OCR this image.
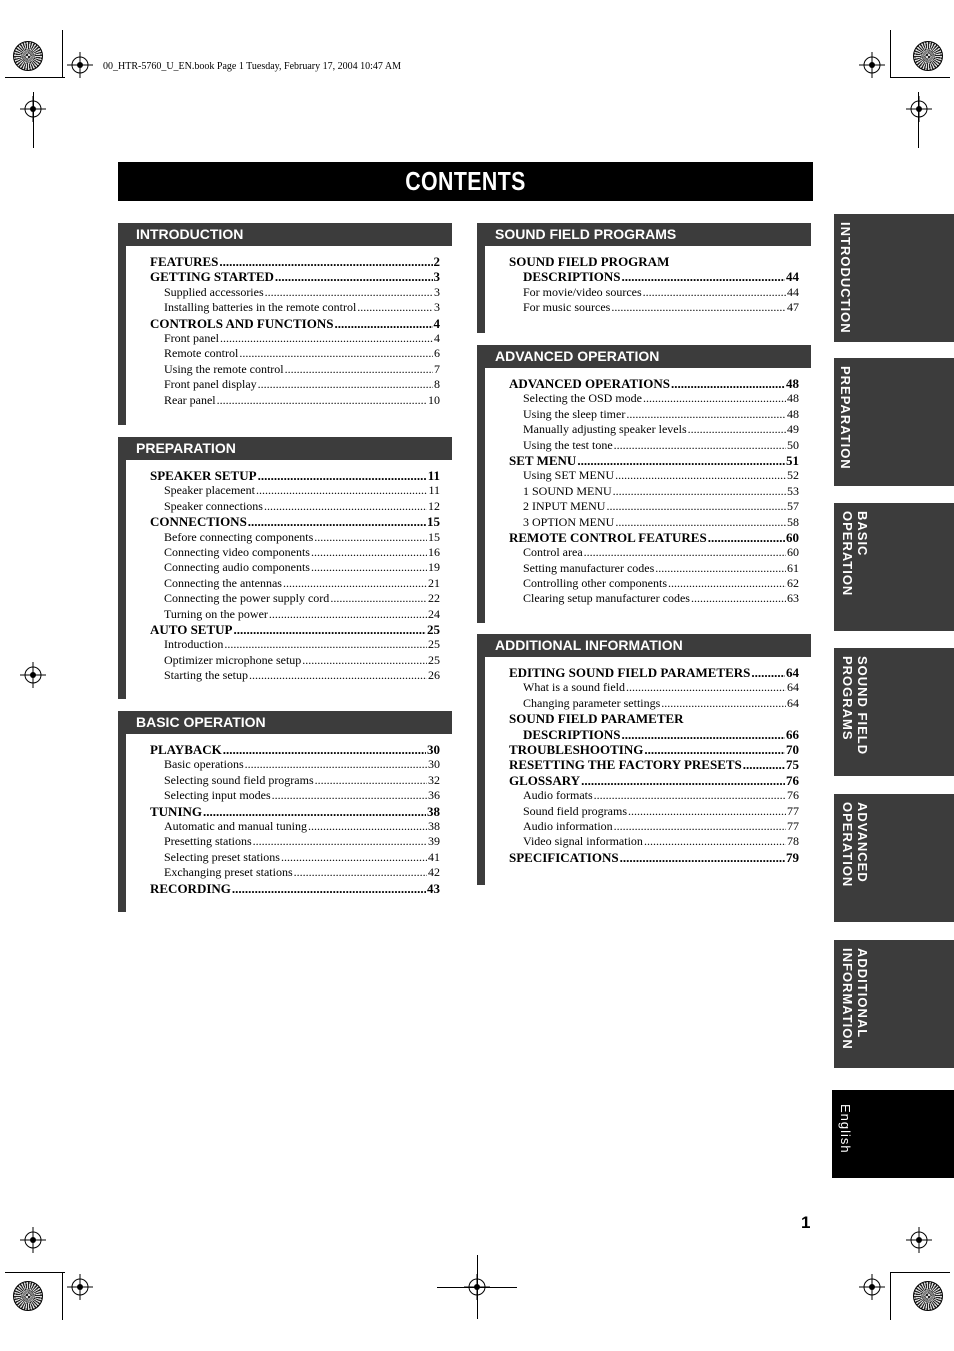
00_HTR-5760_U_EN.book Page 1 Tuesday, February 17, 2004 10:47 AM
CONTENTS
INTRODUCTION
FEATURES .....	2
GETTING STARTED .....	3
Supplied accessories .....	3
Installing batteries in the remote control .....	3
CONTROLS AND FUNCTIONS .....	4
Front panel .....	4
Remote control .....	6
Using the remote control .....	7
Front panel display .....	8
Rear panel .....	10
PREPARATION
SPEAKER SETUP .....	11
Speaker placement .....	11
Speaker connections .....	12
CONNECTIONS .....	15
Before connecting components .....	15
Connecting video components .....	16
Connecting audio components .....	19
Connecting the antennas .....	21
Connecting the power supply cord .....	22
Turning on the power .....	24
AUTO SETUP .....	25
Introduction .....	25
Optimizer microphone setup .....	25
Starting the setup .....	26
BASIC OPERATION
PLAYBACK .....	30
Basic operations .....	30
Selecting sound field programs .....	32
Selecting input modes .....	36
TUNING .....	38
Automatic and manual tuning .....	38
Presetting stations .....	39
Selecting preset stations .....	41
Exchanging preset stations .....	42
RECORDING .....	43
SOUND FIELD PROGRAMS
SOUND FIELD PROGRAM
DESCRIPTIONS .....	44
For movie/video sources .....	44
For music sources .....	47
ADVANCED OPERATION
ADVANCED OPERATIONS .....	48
Selecting the OSD mode .....	48
Using the sleep timer .....	48
Manually adjusting speaker levels .....	49
Using the test tone .....	50
SET MENU .....	51
Using SET MENU .....	52
1 SOUND MENU .....	53
2 INPUT MENU .....	57
3 OPTION MENU .....	58
REMOTE CONTROL FEATURES .....	60
Control area .....	60
Setting manufacturer codes .....	61
Controlling other components .....	62
Clearing setup manufacturer codes .....	63
ADDITIONAL INFORMATION
EDITING SOUND FIELD PARAMETERS .....	64
What is a sound field .....	64
Changing parameter settings .....	64
SOUND FIELD PARAMETER
DESCRIPTIONS .....	66
TROUBLESHOOTING .....	70
RESETTING THE FACTORY PRESETS .....	75
GLOSSARY .....	76
Audio formats .....	76
Sound field programs .....	77
Audio information .....	77
Video signal information .....	78
SPECIFICATIONS .....	79
INTRODUCTION
PREPARATION
BASIC OPERATION
SOUND FIELD PROGRAMS
ADVANCED OPERATION
ADDITIONAL INFORMATION
English
1
